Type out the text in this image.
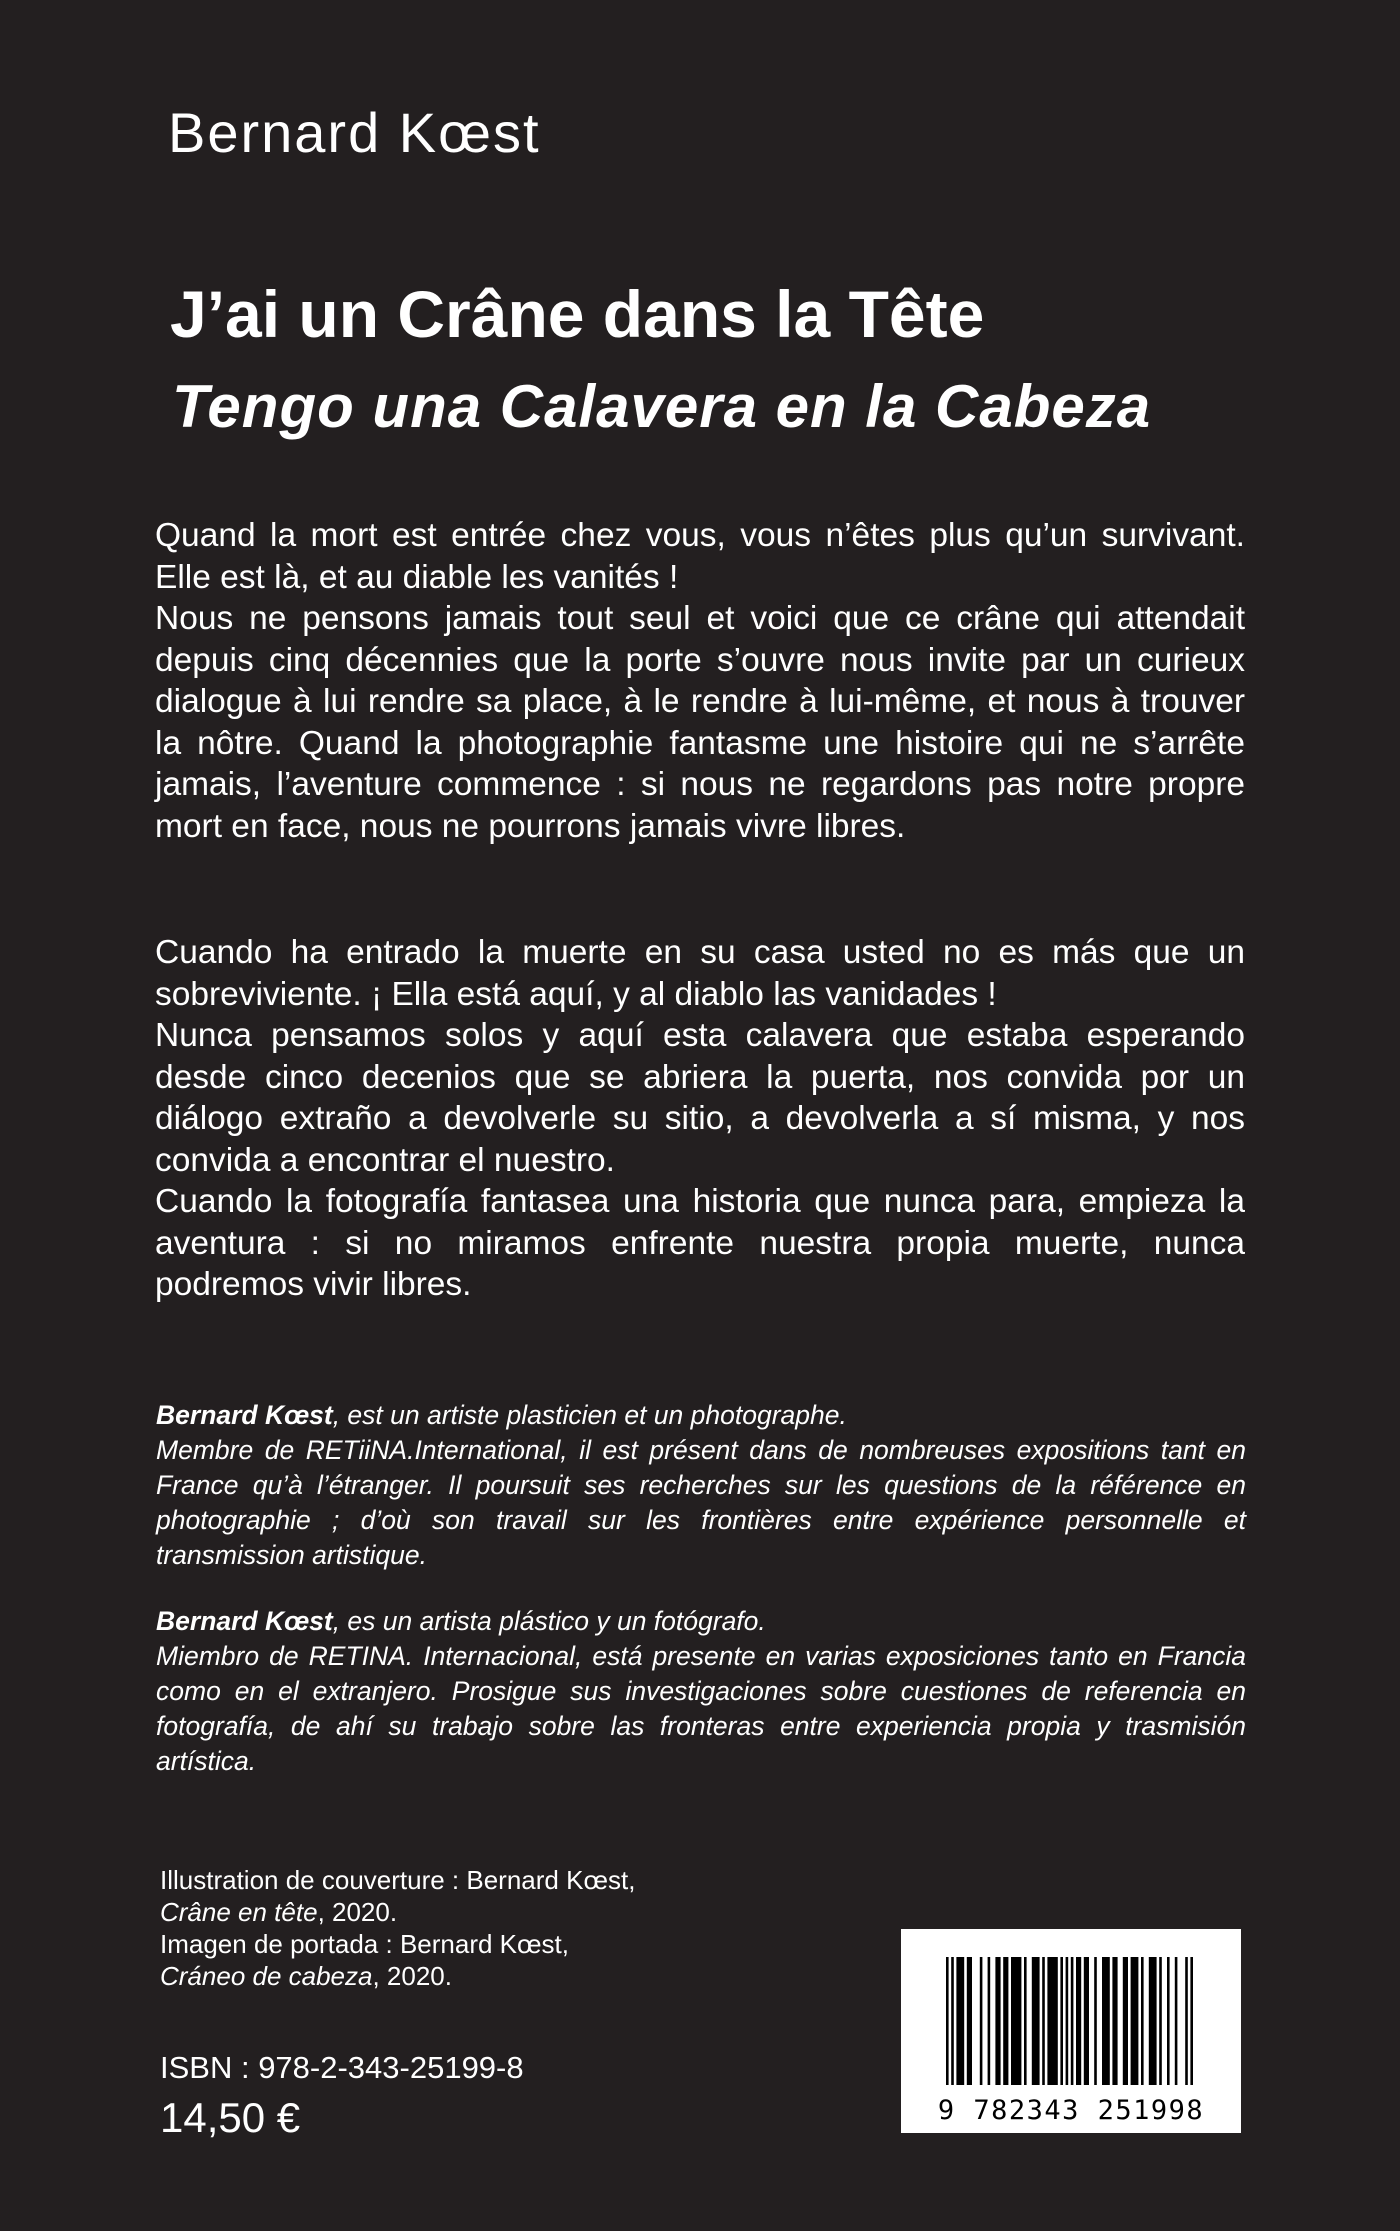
Bernard Kœst
J’ai un Crâne dans la Tête
Tengo una Calavera en la Cabeza

Quand la mort est entrée chez vous, vous n’êtes plus qu’un survivant. Elle est là, et au diable les vanités !

Nous ne pensons jamais tout seul et voici que ce crâne qui attendait depuis cinq décennies que la porte s’ouvre nous invite par un curieux dialogue à lui rendre sa place, à le rendre à lui-même, et nous à trouver la nôtre. Quand la photographie fantasme une histoire qui ne s’arrête jamais, l’aventure commence : si nous ne regardons pas notre propre mort en face, nous ne pourrons jamais vivre libres.

Cuando ha entrado la muerte en su casa usted no es más que un sobreviviente. ¡ Ella está aquí, y al diablo las vanidades !

Nunca pensamos solos y aquí esta calavera que estaba esperando desde cinco decenios que se abriera la puerta, nos convida por un diálogo extraño a devolverle su sitio, a devolverla a sí misma, y nos convida a encontrar el nuestro.

Cuando la fotografía fantasea una historia que nunca para, empieza la aventura : si no miramos enfrente nuestra propia muerte, nunca podremos vivir libres.

Bernard Kœst, est un artiste plasticien et un photographe.

Membre de RETiiNA.International, il est présent dans de nombreuses expositions tant en France qu’à l’étranger. Il poursuit ses recherches sur les questions de la référence en photographie ; d’où son travail sur les frontières entre expérience personnelle et transmission artistique.

Bernard Kœst, es un artista plástico y un fotógrafo.

Miembro de RETINA. Internacional, está presente en varias exposiciones tanto en Francia como en el extranjero. Prosigue sus investigaciones sobre cuestiones de referencia en fotografía, de ahí su trabajo sobre las fronteras entre experiencia propia y trasmisión artística.

Illustration de couverture : Bernard Kœst,

Crâne en tête, 2020.

Imagen de portada : Bernard Kœst,

Cráneo de cabeza, 2020.

ISBN : 978-2-343-25199-8
14,50 €	9 782343 251998
